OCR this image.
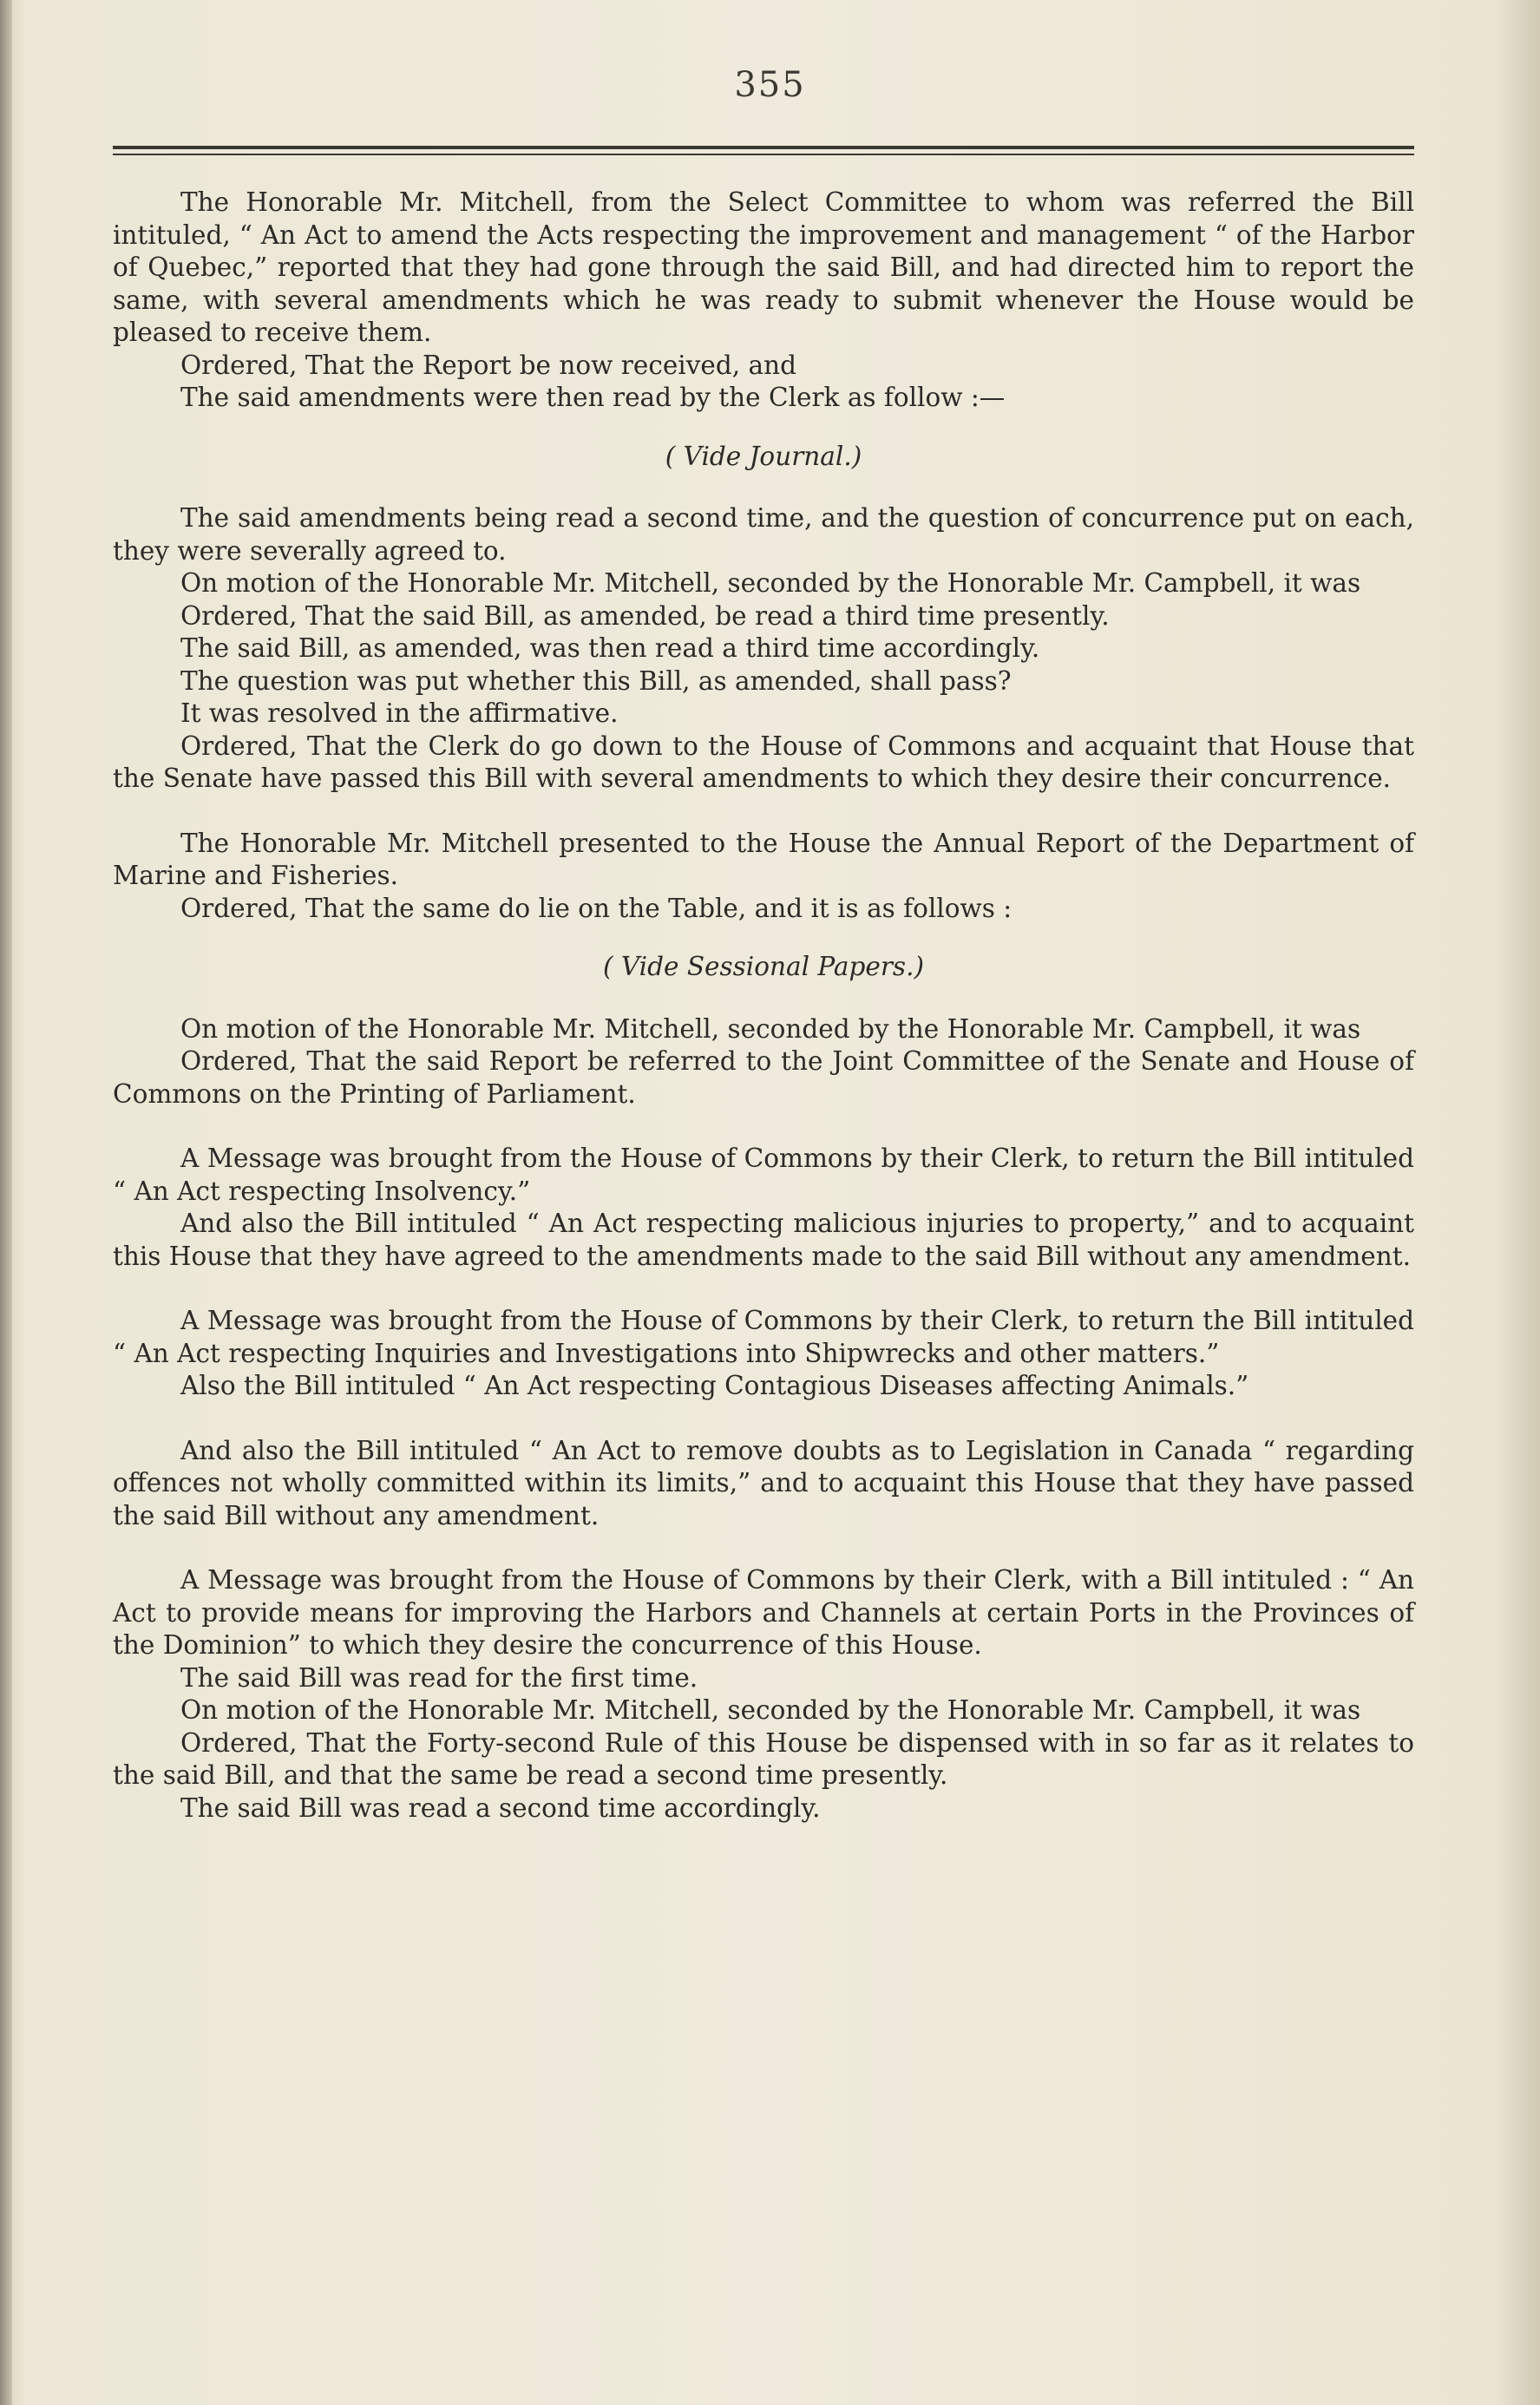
355

The Honorable Mr. Mitchell, from the Select Committee to whom was referred the Bill intituled, “ An Act to amend the Acts respecting the improvement and management “ of the Harbor of Quebec,” reported that they had gone through the said Bill, and had directed him to report the same, with several amendments which he was ready to submit whenever the House would be pleased to receive them.

Ordered, That the Report be now received, and

The said amendments were then read by the Clerk as follow :—

( Vide Journal.)

The said amendments being read a second time, and the question of concurrence put on each, they were severally agreed to.

On motion of the Honorable Mr. Mitchell, seconded by the Honorable Mr. Campbell, it was

Ordered, That the said Bill, as amended, be read a third time presently.

The said Bill, as amended, was then read a third time accordingly.

The question was put whether this Bill, as amended, shall pass?

It was resolved in the affirmative.

Ordered, That the Clerk do go down to the House of Commons and acquaint that House that the Senate have passed this Bill with several amendments to which they desire their concurrence.

The Honorable Mr. Mitchell presented to the House the Annual Report of the Department of Marine and Fisheries.

Ordered, That the same do lie on the Table, and it is as follows :

( Vide Sessional Papers.)

On motion of the Honorable Mr. Mitchell, seconded by the Honorable Mr. Campbell, it was

Ordered, That the said Report be referred to the Joint Committee of the Senate and House of Commons on the Printing of Parliament.

A Message was brought from the House of Commons by their Clerk, to return the Bill intituled “ An Act respecting Insolvency.”

And also the Bill intituled “ An Act respecting malicious injuries to property,” and to acquaint this House that they have agreed to the amendments made to the said Bill without any amendment.

A Message was brought from the House of Commons by their Clerk, to return the Bill intituled “ An Act respecting Inquiries and Investigations into Shipwrecks and other matters.”

Also the Bill intituled “ An Act respecting Contagious Diseases affecting Animals.”

And also the Bill intituled “ An Act to remove doubts as to Legislation in Canada “ regarding offences not wholly committed within its limits,” and to acquaint this House that they have passed the said Bill without any amendment.

A Message was brought from the House of Commons by their Clerk, with a Bill intituled : “ An Act to provide means for improving the Harbors and Channels at certain Ports in the Provinces of the Dominion” to which they desire the concurrence of this House.

The said Bill was read for the first time.

On motion of the Honorable Mr. Mitchell, seconded by the Honorable Mr. Campbell, it was

Ordered, That the Forty-second Rule of this House be dispensed with in so far as it relates to the said Bill, and that the same be read a second time presently.

The said Bill was read a second time accordingly.
